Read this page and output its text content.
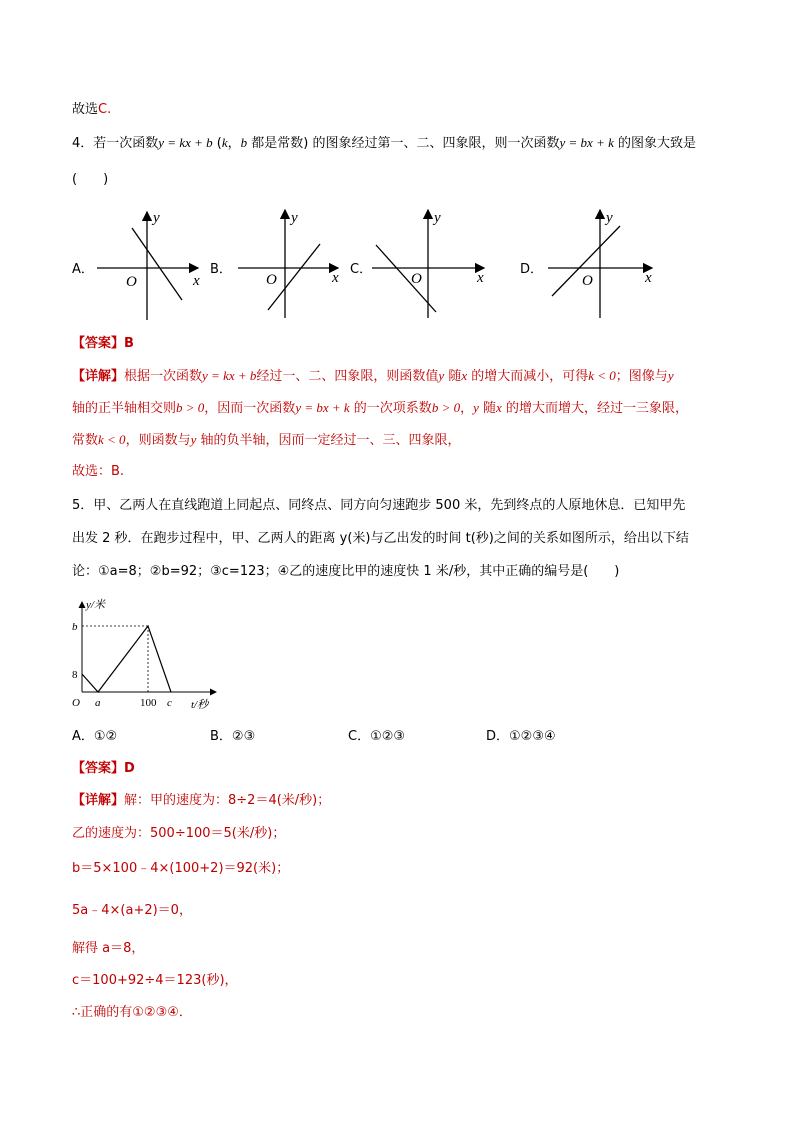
故选C.
4．若一次函数y = kx + b (k，b 都是常数) 的图象经过第一、二、四象限，则一次函数y = bx + k 的图象大致是
(　　)
A．	B．	C．	D．
y
x
O
y
x
O
y
x
O
y
x
O
【答案】B
【详解】根据一次函数y = kx + b经过一、二、四象限，则函数值y 随x 的增大而减小，可得k < 0；图像与y
轴的正半轴相交则b > 0，因而一次函数y = bx + k 的一次项系数b > 0，y 随x 的增大而增大，经过一三象限，
常数k < 0，则函数与y 轴的负半轴，因而一定经过一、三、四象限，
故选：B.
5．甲、乙两人在直线跑道上同起点、同终点、同方向匀速跑步 500 米，先到终点的人原地休息．已知甲先
出发 2 秒．在跑步过程中，甲、乙两人的距离 y(米)与乙出发的时间 t(秒)之间的关系如图所示，给出以下结
论：①a=8；②b=92；③c=123；④乙的速度比甲的速度快 1 米/秒，其中正确的编号是(　　)
y/米
t/秒
O
b
8
a	100 c
A．①②	B．②③	C．①②③	D．①②③④
【答案】D
【详解】解：甲的速度为：8÷2＝4(米/秒)；
乙的速度为：500÷100＝5(米/秒)；
b＝5×100﹣4×(100+2)＝92(米)；
5a﹣4×(a+2)＝0，
解得 a＝8，
c＝100+92÷4＝123(秒)，
∴正确的有①②③④．
